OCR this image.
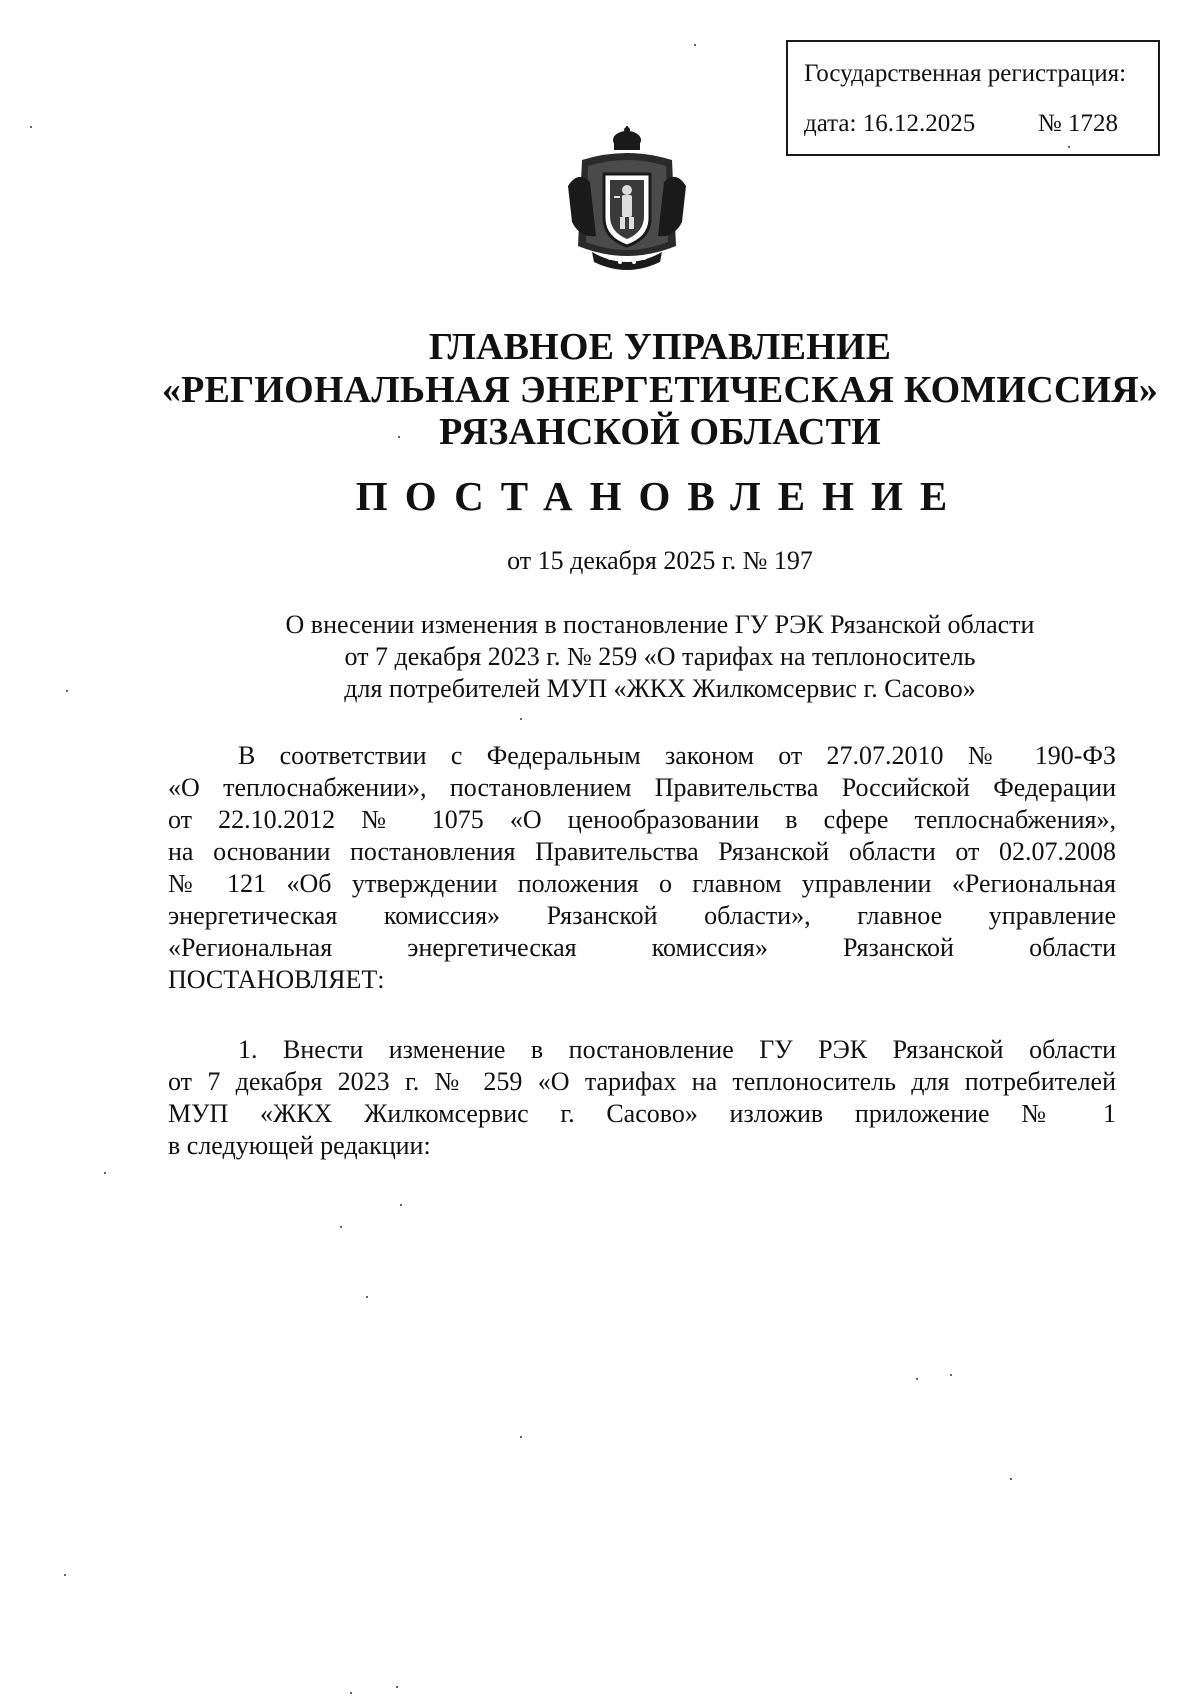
Государственная регистрация:
дата: 16.12.2025	№ 1728
ГЛАВНОЕ УПРАВЛЕНИЕ
«РЕГИОНАЛЬНАЯ ЭНЕРГЕТИЧЕСКАЯ КОМИССИЯ»
РЯЗАНСКОЙ ОБЛАСТИ
ПОСТАНОВЛЕНИЕ
от 15 декабря 2025 г. № 197
О внесении изменения в постановление ГУ РЭК Рязанской области
от 7 декабря 2023 г. № 259 «О тарифах на теплоноситель
для потребителей МУП «ЖКХ Жилкомсервис г. Сасово»
В соответствии с Федеральным законом от 27.07.2010 № 190-ФЗ
«О теплоснабжении», постановлением Правительства Российской Федерации
от 22.10.2012 № 1075 «О ценообразовании в сфере теплоснабжения»,
на основании постановления Правительства Рязанской области от 02.07.2008
№ 121 «Об утверждении положения о главном управлении «Региональная
энергетическая комиссия» Рязанской области», главное управление
«Региональная энергетическая комиссия» Рязанской области
ПОСТАНОВЛЯЕТ:
1. Внести изменение в постановление ГУ РЭК Рязанской области
от 7 декабря 2023 г. № 259 «О тарифах на теплоноситель для потребителей
МУП «ЖКХ Жилкомсервис г. Сасово» изложив приложение № 1
в следующей редакции:
